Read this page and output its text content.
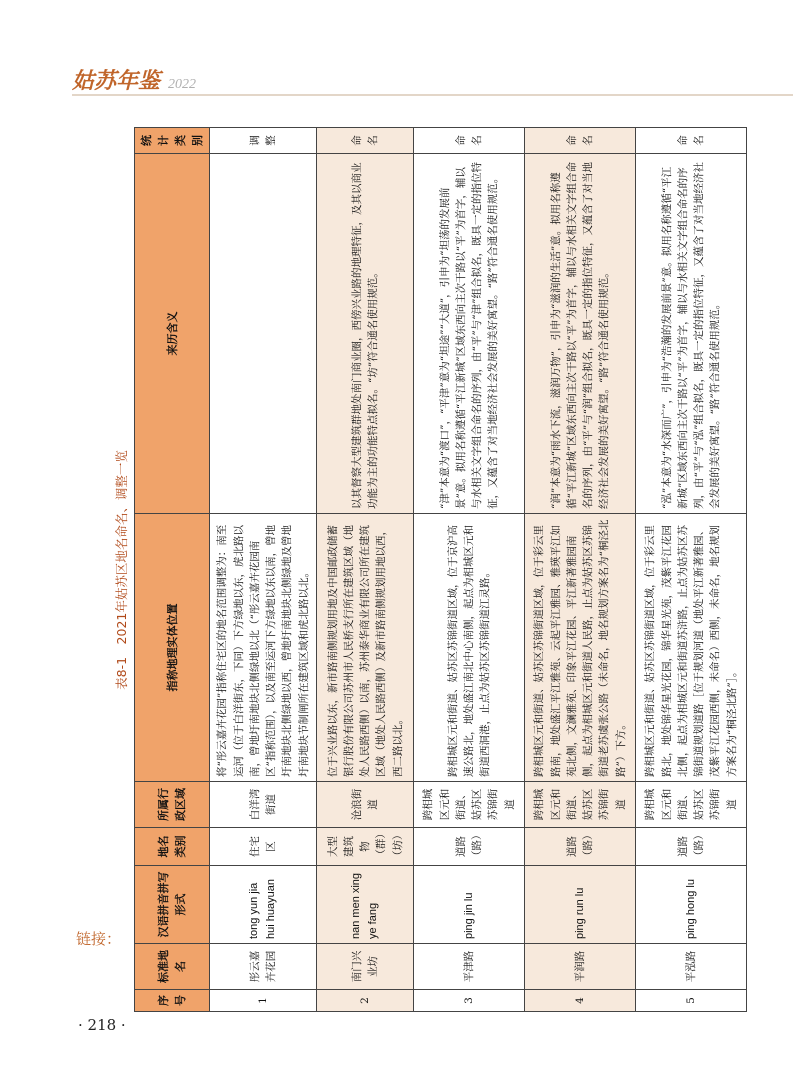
姑苏年鉴 2022
表8-1　2021年姑苏区地名命名、调整一览
序号	标准地名	汉语拼音拼写形式	地名类别	所属行政区域	指称地理实体位置	来历含义	统计类别
1	彤云嘉卉花园	tong yun jia hui huayuan	住宅区	白洋湾街道	将“彤云嘉卉花园”指称住宅区的地名范围调整为：南至运河（位于白洋街东，下同）下方绿地以东，虎北路以南，曾地圩南地块北侧绿地以北（“彤云嘉卉花园南区”指称范围），以及南至运河下方绿地以东以南，曾地圩南地块北侧绿地以西，曾地圩南地块北侧绿地及曾地圩南地块节制闸所在建筑区域和虎北路以北。		调整
2	南门兴业坊	nan men xing ye fang	大型建筑物（群）（坊）	沧浪街道	位于兴业路以东，新市路南侧规划用地及中国邮政储蓄银行股份有限公司苏州市人民桥支行所在建筑区域（地处人民路西侧）以南，苏州泰华商业有限公司所在建筑区域（地处人民路西侧）及新市路南侧规划用地以西，西二路以北。	以其督察大型建筑群地处南门商业圈，西傍兴业路的地理特征，及其以商业功能为主的功能特点拟名。“坊”符合通名使用规范。	命名
3	平津路	ping jin lu	道路（路）	跨相城区元和街道、姑苏区苏锦街道	跨相城区元和街道、姑苏区苏锦街道区域，位于京沪高速公路北，地处盛江南北中心南侧，起点为相城区元和街道西洞港，止点为姑苏区苏锦街道江灵路。	“津”本意为“渡口”，“平津”意为“坦途”“大道”，引申为“坦荡的发展前景”意。拟用名称遵循“平江新城”区域东西向主次干路以“平”为首字，辅以与水相关文字组合命名的序列，由“平”与“津”组合拟名，既具一定的指位特征，又蕴含了对当地经济社会发展的美好寓望。“路”符合通名使用规范。	命名
4	平润路	ping run lu	道路（路）	跨相城区元和街道、姑苏区苏锦街道	跨相城区元和街道、姑苏区苏锦街道区域，位于彩云里路南，地处盛汇平江雅苑、云起平江雅园、雅瑛平江如苑北侧，文澜雅苑、印象平江花园、平江新著雅园南侧，起点为相城区元和街道人民路，止点为姑苏区苏锦街道老苏虞张公路（未命名，地名规划方案名为“桐泾北路”）下方。	“润”本意为“雨水下流，滋润万物”，引申为“滋润的生活”意。拟用名称遵循“平江新城”区域东西向主次干路以“平”为首字，辅以与水相关文字组合命名的序列，由“平”与“润”组合拟名，既具一定的指位特征，又蕴含了对当地经济社会发展的美好寓望。“路”符合通名使用规范。	命名
5	平泓路	ping hong lu	道路（路）	跨相城区元和街道、姑苏区苏锦街道	跨相城区元和街道、姑苏区苏锦街道区域，位于彩云里路北，地处锦华星光花园，锦华星光苑，茂紫平江花园北侧，起点为相城区元和街道苏浒路，止点为姑苏区苏锦街道规划道路［位于规划河道（地处平江新著雅园、茂紫平江花园西侧，未命名）西侧，未命名，地名规划方案名为“桐泾北路”］。	“泓”本意为“水深而广”，引申为“浩瀚的发展前景”意。拟用名称遵循“平江新城”区域东西向主次干路以“平”为首字，辅以与水相关文字组合命名的序列，由“平”与“泓”组合拟名，既具一定的指位特征，又蕴含了对当地经济社会发展的美好寓望。“路”符合通名使用规范。	命名
链接：
· 218 ·
